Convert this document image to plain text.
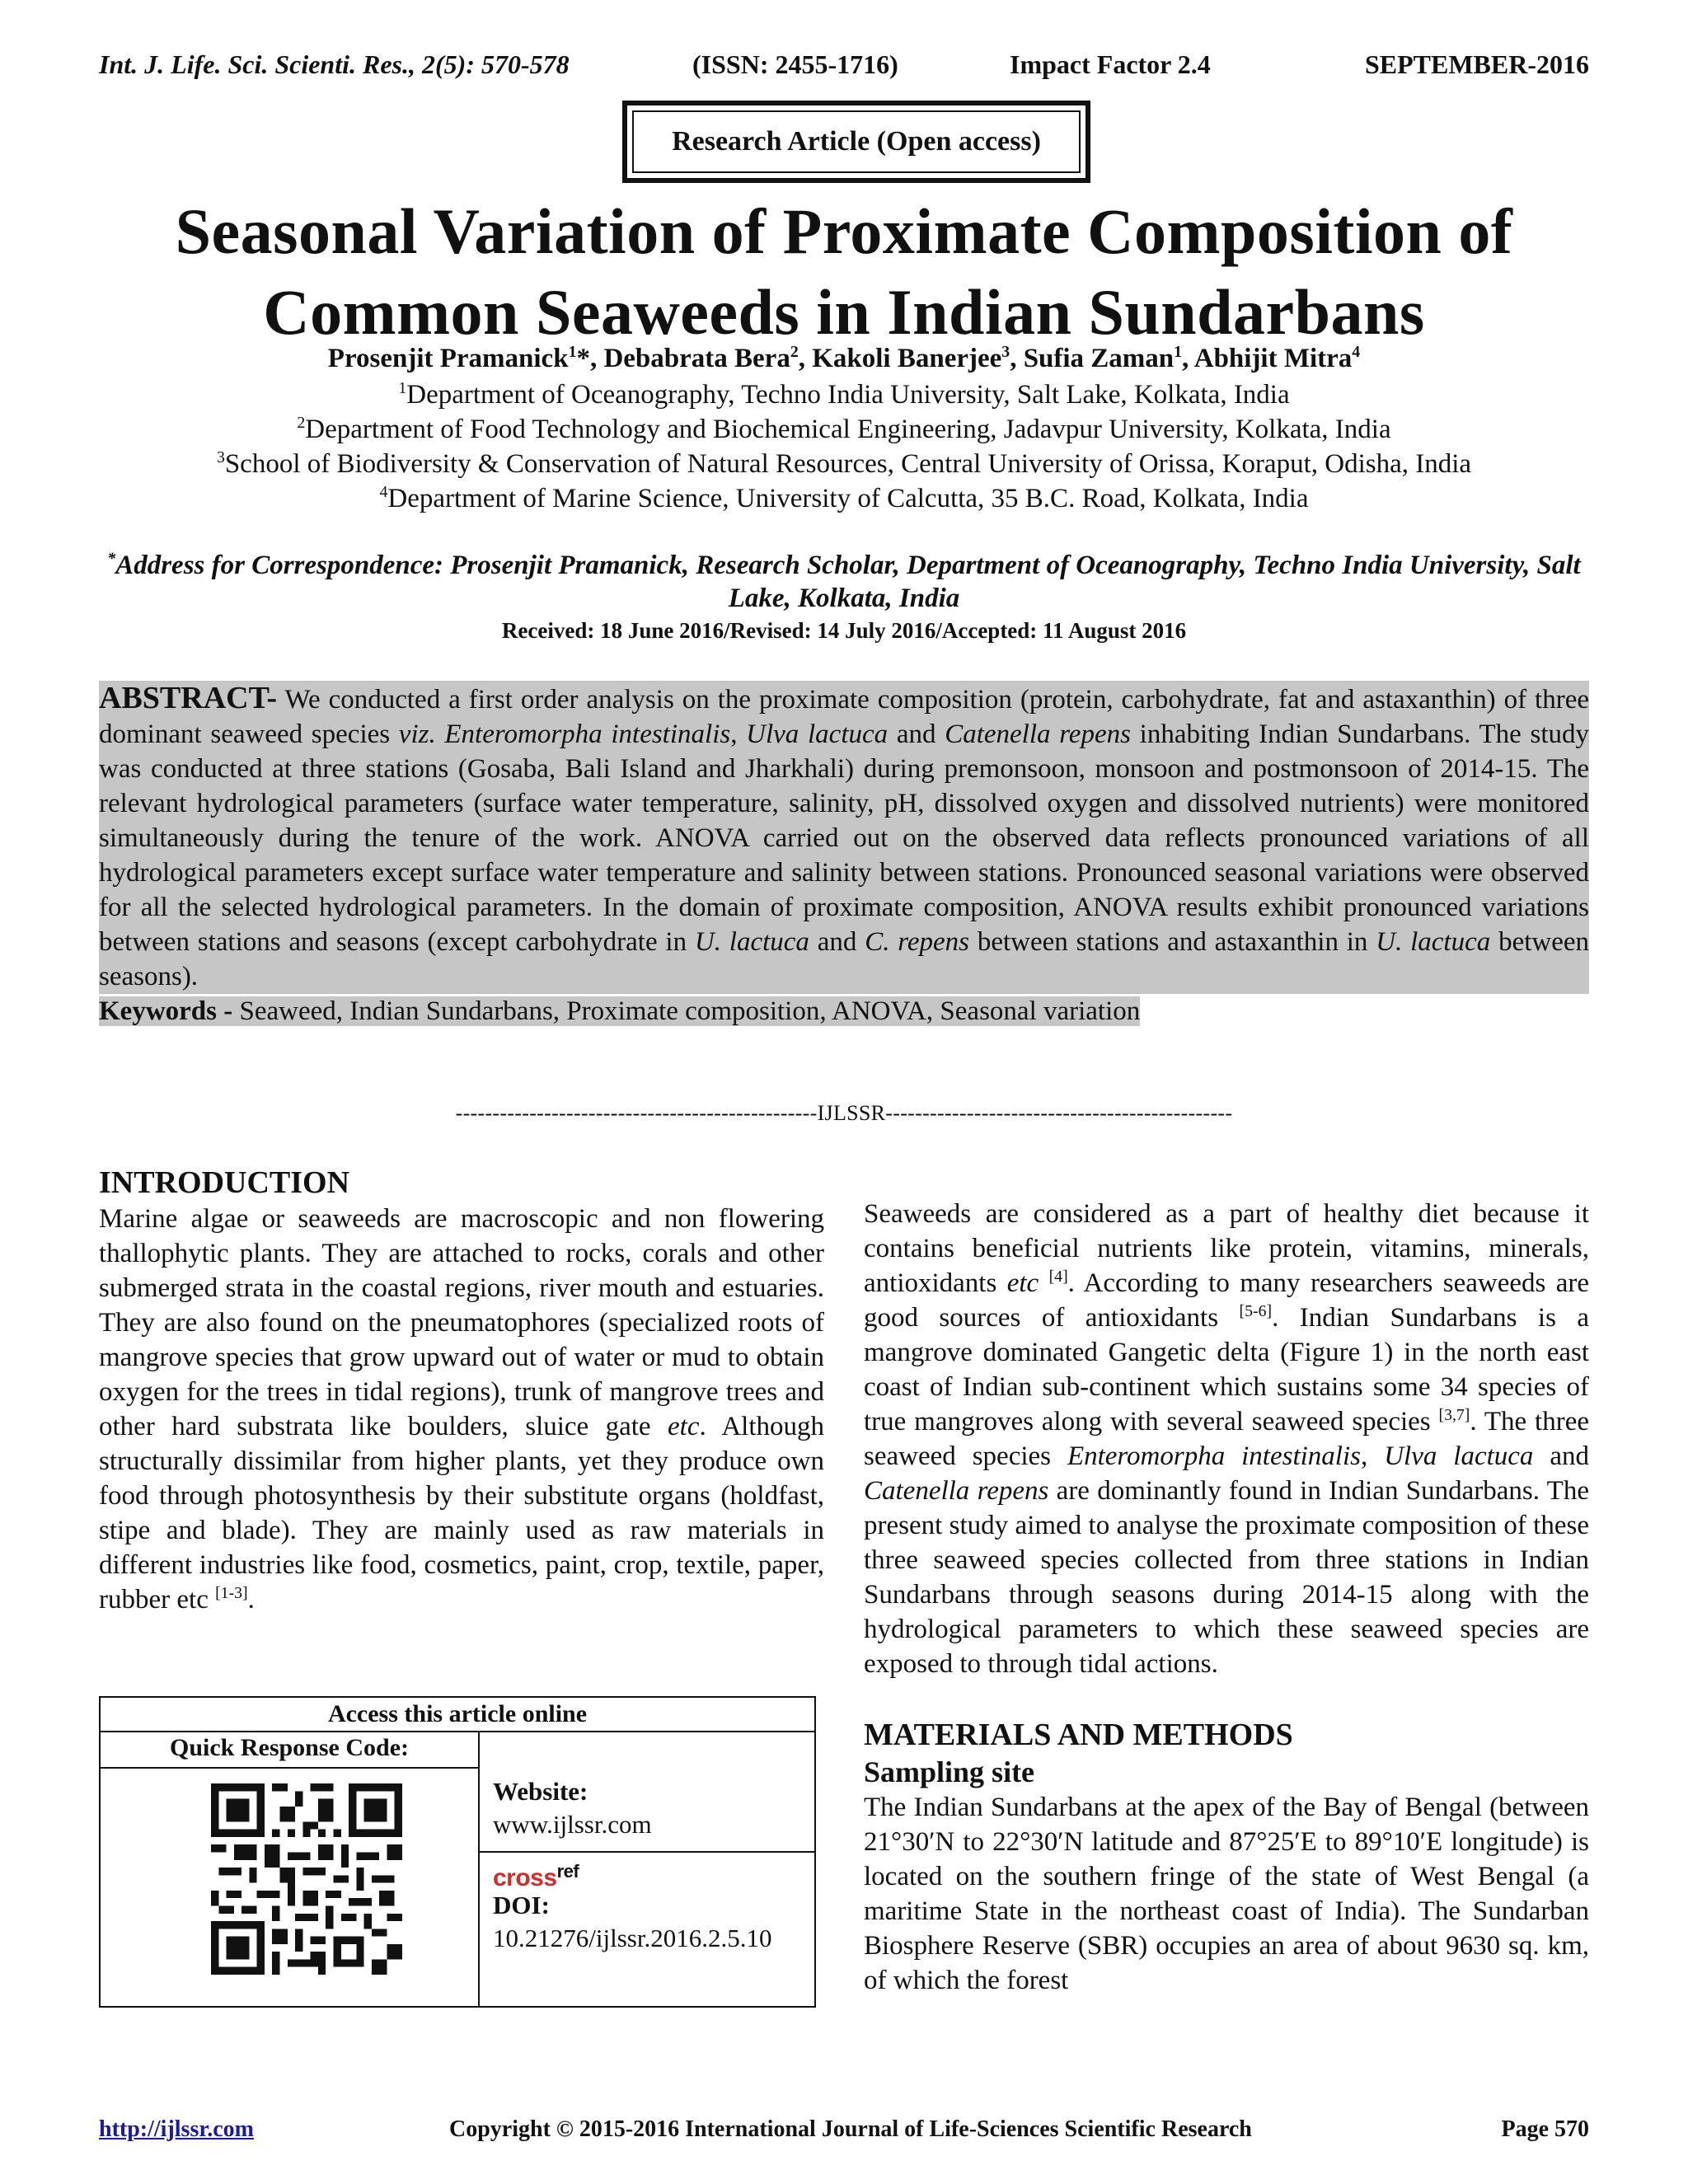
Int. J. Life. Sci. Scienti. Res., 2(5): 570-578	(ISSN: 2455-1716)	Impact Factor 2.4	SEPTEMBER-2016
Research Article (Open access)
Seasonal Variation of Proximate Composition of
Common Seaweeds in Indian Sundarbans
Prosenjit Pramanick$^1$*, Debabrata Bera$^2$, Kakoli Banerjee$^3$, Sufia Zaman$^1$, Abhijit Mitra$^4$
$^1$Department of Oceanography, Techno India University, Salt Lake, Kolkata, India
$^2$Department of Food Technology and Biochemical Engineering, Jadavpur University, Kolkata, India
$^3$School of Biodiversity & Conservation of Natural Resources, Central University of Orissa, Koraput, Odisha, India
$^4$Department of Marine Science, University of Calcutta, 35 B.C. Road, Kolkata, India
*Address for Correspondence: Prosenjit Pramanick, Research Scholar, Department of Oceanography, Techno India University, Salt Lake, Kolkata, India
Received: 18 June 2016/Revised: 14 July 2016/Accepted: 11 August 2016
ABSTRACT- We conducted a first order analysis on the proximate composition (protein, carbohydrate, fat and astaxanthin) of three dominant seaweed species viz. Enteromorpha intestinalis, Ulva lactuca and Catenella repens inhabiting Indian Sundarbans. The study was conducted at three stations (Gosaba, Bali Island and Jharkhali) during premonsoon, monsoon and postmonsoon of 2014-15. The relevant hydrological parameters (surface water temperature, salinity, pH, dissolved oxygen and dissolved nutrients) were monitored simultaneously during the tenure of the work. ANOVA carried out on the observed data reflects pronounced variations of all hydrological parameters except surface water temperature and salinity between stations. Pronounced seasonal variations were observed for all the selected hydrological parameters. In the domain of proximate composition, ANOVA results exhibit pronounced variations between stations and seasons (except carbohydrate in U. lactuca and C. repens between stations and astaxanthin in U. lactuca between seasons).
Keywords - Seaweed, Indian Sundarbans, Proximate composition, ANOVA, Seasonal variation
-------------------------------------------------IJLSSR-----------------------------------------------
INTRODUCTION

Marine algae or seaweeds are macroscopic and non flowering thallophytic plants. They are attached to rocks, corals and other submerged strata in the coastal regions, river mouth and estuaries. They are also found on the pneumatophores (specialized roots of mangrove species that grow upward out of water or mud to obtain oxygen for the trees in tidal regions), trunk of mangrove trees and other hard substrata like boulders, sluice gate etc. Although structurally dissimilar from higher plants, yet they produce own food through photosynthesis by their substitute organs (holdfast, stipe and blade). They are mainly used as raw materials in different industries like food, cosmetics, paint, crop, textile, paper, rubber etc [1-3].

Access this article online
Quick Response Code:
Website:
www.ijlssr.com
cross$^{ref}$
DOI:
10.21276/ijlssr.2016.2.5.10

Seaweeds are considered as a part of healthy diet because it contains beneficial nutrients like protein, vitamins, minerals, antioxidants etc [4]. According to many researchers seaweeds are good sources of antioxidants [5-6]. Indian Sundarbans is a mangrove dominated Gangetic delta (Figure 1) in the north east coast of Indian sub-continent which sustains some 34 species of true mangroves along with several seaweed species [3,7]. The three seaweed species Enteromorpha intestinalis, Ulva lactuca and Catenella repens are dominantly found in Indian Sundarbans. The present study aimed to analyse the proximate composition of these three seaweed species collected from three stations in Indian Sundarbans through seasons during 2014-15 along with the hydrological parameters to which these seaweed species are exposed to through tidal actions.

MATERIALS AND METHODS
Sampling site

The Indian Sundarbans at the apex of the Bay of Bengal (between 21°30′N to 22°30′N latitude and 87°25′E to 89°10′E longitude) is located on the southern fringe of the state of West Bengal (a maritime State in the northeast coast of India). The Sundarban Biosphere Reserve (SBR) occupies an area of about 9630 sq. km, of which the forest

http://ijlssr.com	Copyright © 2015-2016 International Journal of Life-Sciences Scientific Research	Page 570
